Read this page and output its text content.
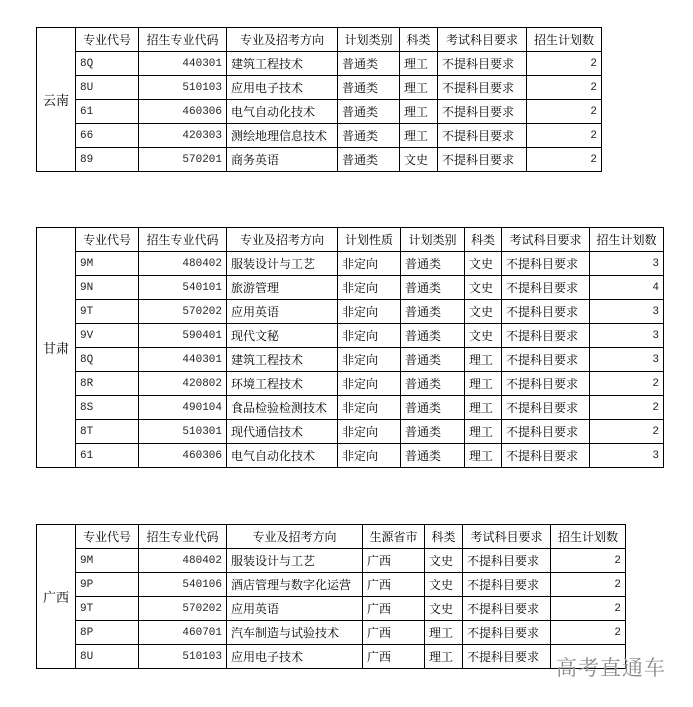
云南	专业代号	招生专业代码	专业及招考方向	计划类别	科类	考试科目要求	招生计划数
	8Q	440301	建筑工程技术	普通类	理工	不提科目要求	2
	8U	510103	应用电子技术	普通类	理工	不提科目要求	2
	61	460306	电气自动化技术	普通类	理工	不提科目要求	2
	66	420303	测绘地理信息技术	普通类	理工	不提科目要求	2
	89	570201	商务英语	普通类	文史	不提科目要求	2
甘肃	专业代号	招生专业代码	专业及招考方向	计划性质	计划类别	科类	考试科目要求	招生计划数
	9M	480402	服装设计与工艺	非定向	普通类	文史	不提科目要求	3
	9N	540101	旅游管理	非定向	普通类	文史	不提科目要求	4
	9T	570202	应用英语	非定向	普通类	文史	不提科目要求	3
	9V	590401	现代文秘	非定向	普通类	文史	不提科目要求	3
	8Q	440301	建筑工程技术	非定向	普通类	理工	不提科目要求	3
	8R	420802	环境工程技术	非定向	普通类	理工	不提科目要求	2
	8S	490104	食品检验检测技术	非定向	普通类	理工	不提科目要求	2
	8T	510301	现代通信技术	非定向	普通类	理工	不提科目要求	2
	61	460306	电气自动化技术	非定向	普通类	理工	不提科目要求	3
广西	专业代号	招生专业代码	专业及招考方向	生源省市	科类	考试科目要求	招生计划数
	9M	480402	服装设计与工艺	广西	文史	不提科目要求	2
	9P	540106	酒店管理与数字化运营	广西	文史	不提科目要求	2
	9T	570202	应用英语	广西	文史	不提科目要求	2
	8P	460701	汽车制造与试验技术	广西	理工	不提科目要求	2
	8U	510103	应用电子技术	广西	理工	不提科目要求	高考直通车
